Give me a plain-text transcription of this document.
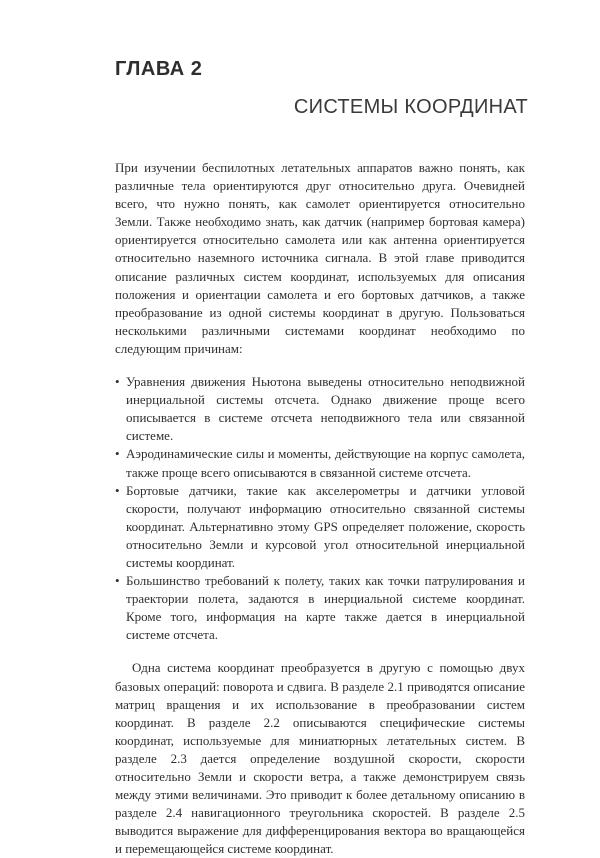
ГЛАВА 2
СИСТЕМЫ КООРДИНАТ

При изучении беспилотных летательных аппаратов важно понять, как различные тела ориентируются друг относительно друга. Очевидней всего, что нужно понять, как самолет ориентируется относительно Земли. Также необходимо знать, как датчик (например бортовая камера) ориентируется относительно самолета или как антенна ориентируется относительно наземного источника сигнала. В этой главе приводится описание различных систем координат, используемых для описания положения и ориентации самолета и его бортовых датчиков, а также преобразование из одной системы координат в другую. Пользоваться несколькими различными системами координат необходимо по следующим причинам:

• Уравнения движения Ньютона выведены относительно неподвижной инерциальной системы отсчета. Однако движение проще всего описывается в системе отсчета неподвижного тела или связанной системе.
• Аэродинамические силы и моменты, действующие на корпус самолета, также проще всего описываются в связанной системе отсчета.
• Бортовые датчики, такие как акселерометры и датчики угловой скорости, получают информацию относительно связанной системы координат. Альтернативно этому GPS определяет положение, скорость относительно Земли и курсовой угол относительной инерциальной системы координат.
• Большинство требований к полету, таких как точки патрулирования и траектории полета, задаются в инерциальной системе координат. Кроме того, информация на карте также дается в инерциальной системе отсчета.

Одна система координат преобразуется в другую с помощью двух базовых операций: поворота и сдвига. В разделе 2.1 приводятся описание матриц вращения и их использование в преобразовании систем координат. В разделе 2.2 описываются специфические системы координат, используемые для миниатюрных летательных систем. В разделе 2.3 дается определение воздушной скорости, скорости относительно Земли и скорости ветра, а также демонстрируем связь между этими величинами. Это приводит к более детальному описанию в разделе 2.4 навигационного треугольника скоростей. В разделе 2.5 выводится выражение для дифференцирования вектора во вращающейся и перемещающейся системе координат.
